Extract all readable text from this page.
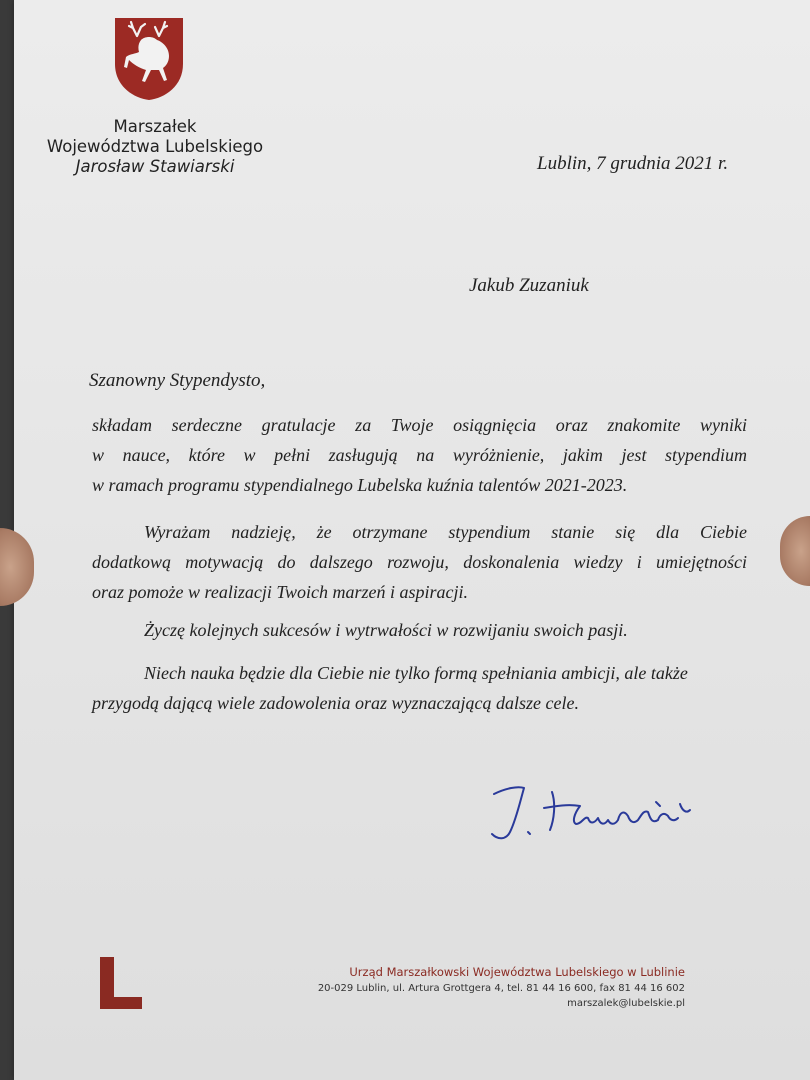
Marszałek
Województwa Lubelskiego
Jarosław Stawiarski	Lublin, 7 grudnia 2021 r.
Jakub Zuzaniuk
Szanowny Stypendysto,
składam serdeczne gratulacje za Twoje osiągnięcia oraz znakomite wyniki
w nauce, które w pełni zasługują na wyróżnienie, jakim jest stypendium
w ramach programu stypendialnego Lubelska kuźnia talentów 2021-2023.
Wyrażam nadzieję, że otrzymane stypendium stanie się dla Ciebie
dodatkową motywacją do dalszego rozwoju, doskonalenia wiedzy i umiejętności
oraz pomoże w realizacji Twoich marzeń i aspiracji.
Życzę kolejnych sukcesów i wytrwałości w rozwijaniu swoich pasji.
Niech nauka będzie dla Ciebie nie tylko formą spełniania ambicji, ale także
przygodą dającą wiele zadowolenia oraz wyznaczającą dalsze cele.
Urząd Marszałkowski Województwa Lubelskiego w Lublinie
20-029 Lublin, ul. Artura Grottgera 4, tel. 81 44 16 600, fax 81 44 16 602
marszalek@lubelskie.pl
